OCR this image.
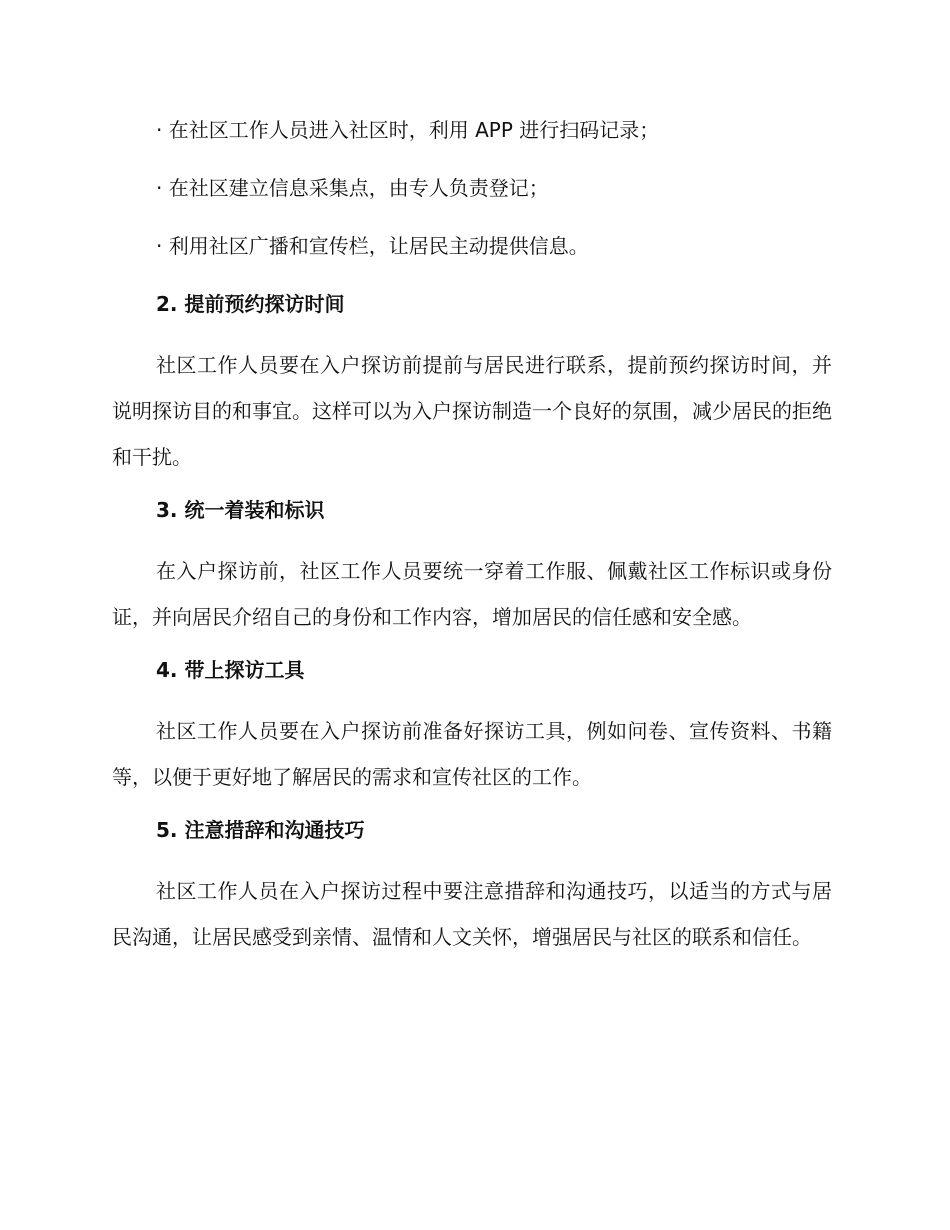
· 在社区工作人员进入社区时，利用 APP 进行扫码记录；
· 在社区建立信息采集点，由专人负责登记；
· 利用社区广播和宣传栏，让居民主动提供信息。
2. 提前预约探访时间

社区工作人员要在入户探访前提前与居民进行联系，提前预约探访时间，并说明探访目的和事宜。这样可以为入户探访制造一个良好的氛围，减少居民的拒绝和干扰。

3. 统一着装和标识

在入户探访前，社区工作人员要统一穿着工作服、佩戴社区工作标识或身份证，并向居民介绍自己的身份和工作内容，增加居民的信任感和安全感。

4. 带上探访工具

社区工作人员要在入户探访前准备好探访工具，例如问卷、宣传资料、书籍等，以便于更好地了解居民的需求和宣传社区的工作。

5. 注意措辞和沟通技巧

社区工作人员在入户探访过程中要注意措辞和沟通技巧，以适当的方式与居民沟通，让居民感受到亲情、温情和人文关怀，增强居民与社区的联系和信任。
